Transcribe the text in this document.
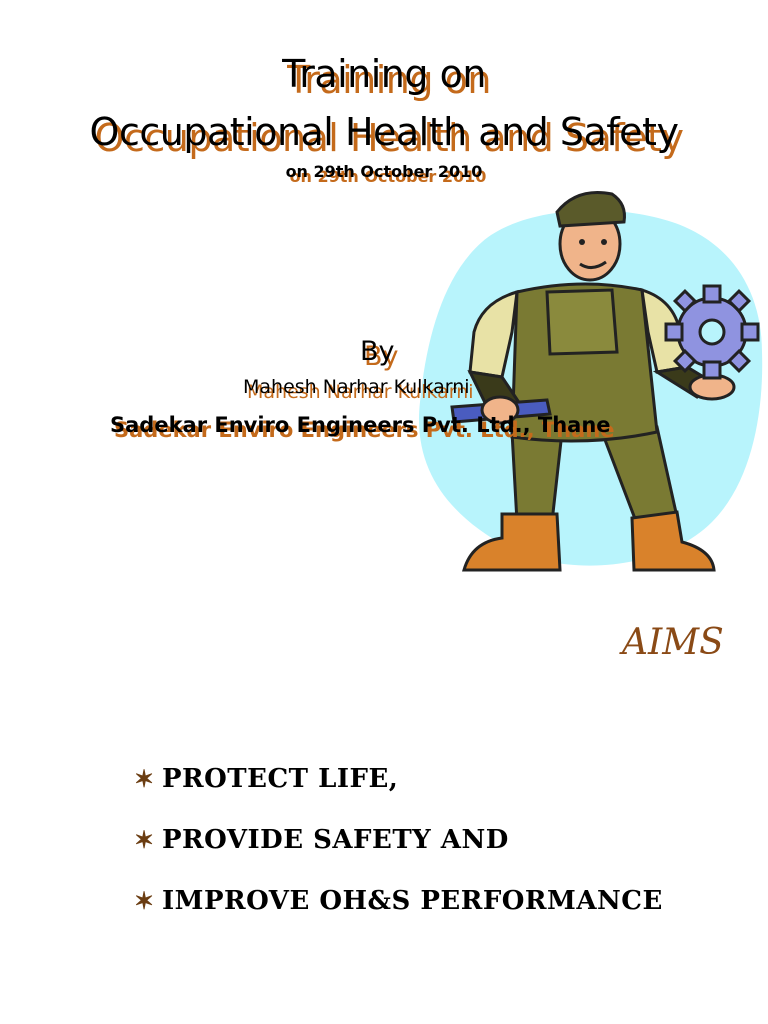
Training on
Occupational Health and Safety
on 29th October 2010
By
Mahesh Narhar Kulkarni
Sadekar Enviro Engineers Pvt. Ltd., Thane
AIMS
✶ PROTECT LIFE,
✶ PROVIDE SAFETY AND
✶ IMPROVE OH&S PERFORMANCE
